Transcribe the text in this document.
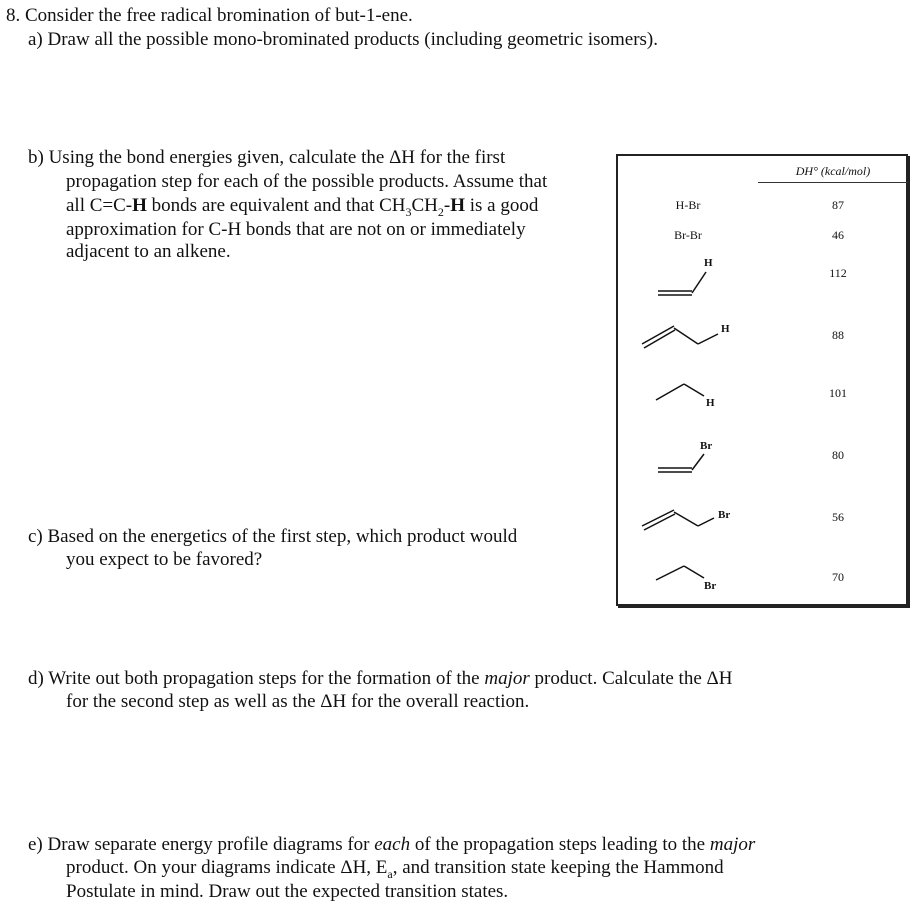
8. Consider the free radical bromination of but-1-ene.
a) Draw all the possible mono-brominated products (including geometric isomers).
b) Using the bond energies given, calculate the ΔH for the first
propagation step for each of the possible products. Assume that
all C=C-H bonds are equivalent and that $CH_3CH_2-H$ is a good
approximation for C-H bonds that are not on or immediately
adjacent to an alkene.
c) Based on the energetics of the first step, which product would
you expect to be favored?
d) Write out both propagation steps for the formation of the major product. Calculate the ΔH
for the second step as well as the ΔH for the overall reaction.
e) Draw separate energy profile diagrams for each of the propagation steps leading to the major
product. On your diagrams indicate ΔH, $E_a$, and transition state keeping the Hammond
Postulate in mind. Draw out the expected transition states.
DH° (kcal/mol)
H-Br	87
Br-Br	46
112
88
101
80
56
70
H
H
H
Br
Br
Br
